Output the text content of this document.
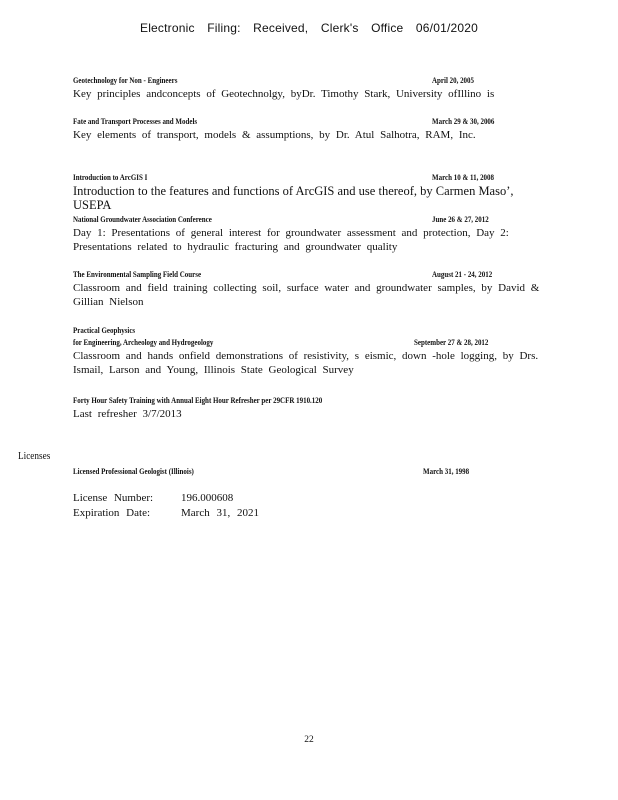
Electronic Filing: Received, Clerk's Office 06/01/2020
Geotechnology for Non - Engineers	April 20, 2005
Key principles andconcepts of Geotechnolgy, byDr. Timothy Stark, University ofIllino is
Fate and Transport Processes and Models	March 29 & 30, 2006
Key elements of transport, models & assumptions, by Dr. Atul Salhotra, RAM, Inc.
Introduction to ArcGIS I	March 10 & 11, 2008
Introduction to the features and functions of ArcGIS and use thereof, by Carmen Maso’, USEPA
National Groundwater Association Conference	June 26 & 27, 2012
Day 1: Presentations of general interest for groundwater assessment and protection, Day 2: Presentations related to hydraulic fracturing and groundwater quality
The Environmental Sampling Field Course	August 21 - 24, 2012
Classroom and field training collecting soil, surface water and groundwater samples, by David & Gillian Nielson
Practical Geophysics
for Engineering, Archeology and Hydrogeology	September 27 & 28, 2012
Classroom and hands onfield demonstrations of resistivity, s eismic, down -hole logging, by Drs. Ismail, Larson and Young, Illinois State Geological Survey
Forty Hour Safety Training with Annual Eight Hour Refresher per 29CFR 1910.120
Last refresher 3/7/2013
Licenses
Licensed Professional Geologist (Illinois)	March 31, 1998
License Number:	196.000608
Expiration Date:	March 31, 2021
22
